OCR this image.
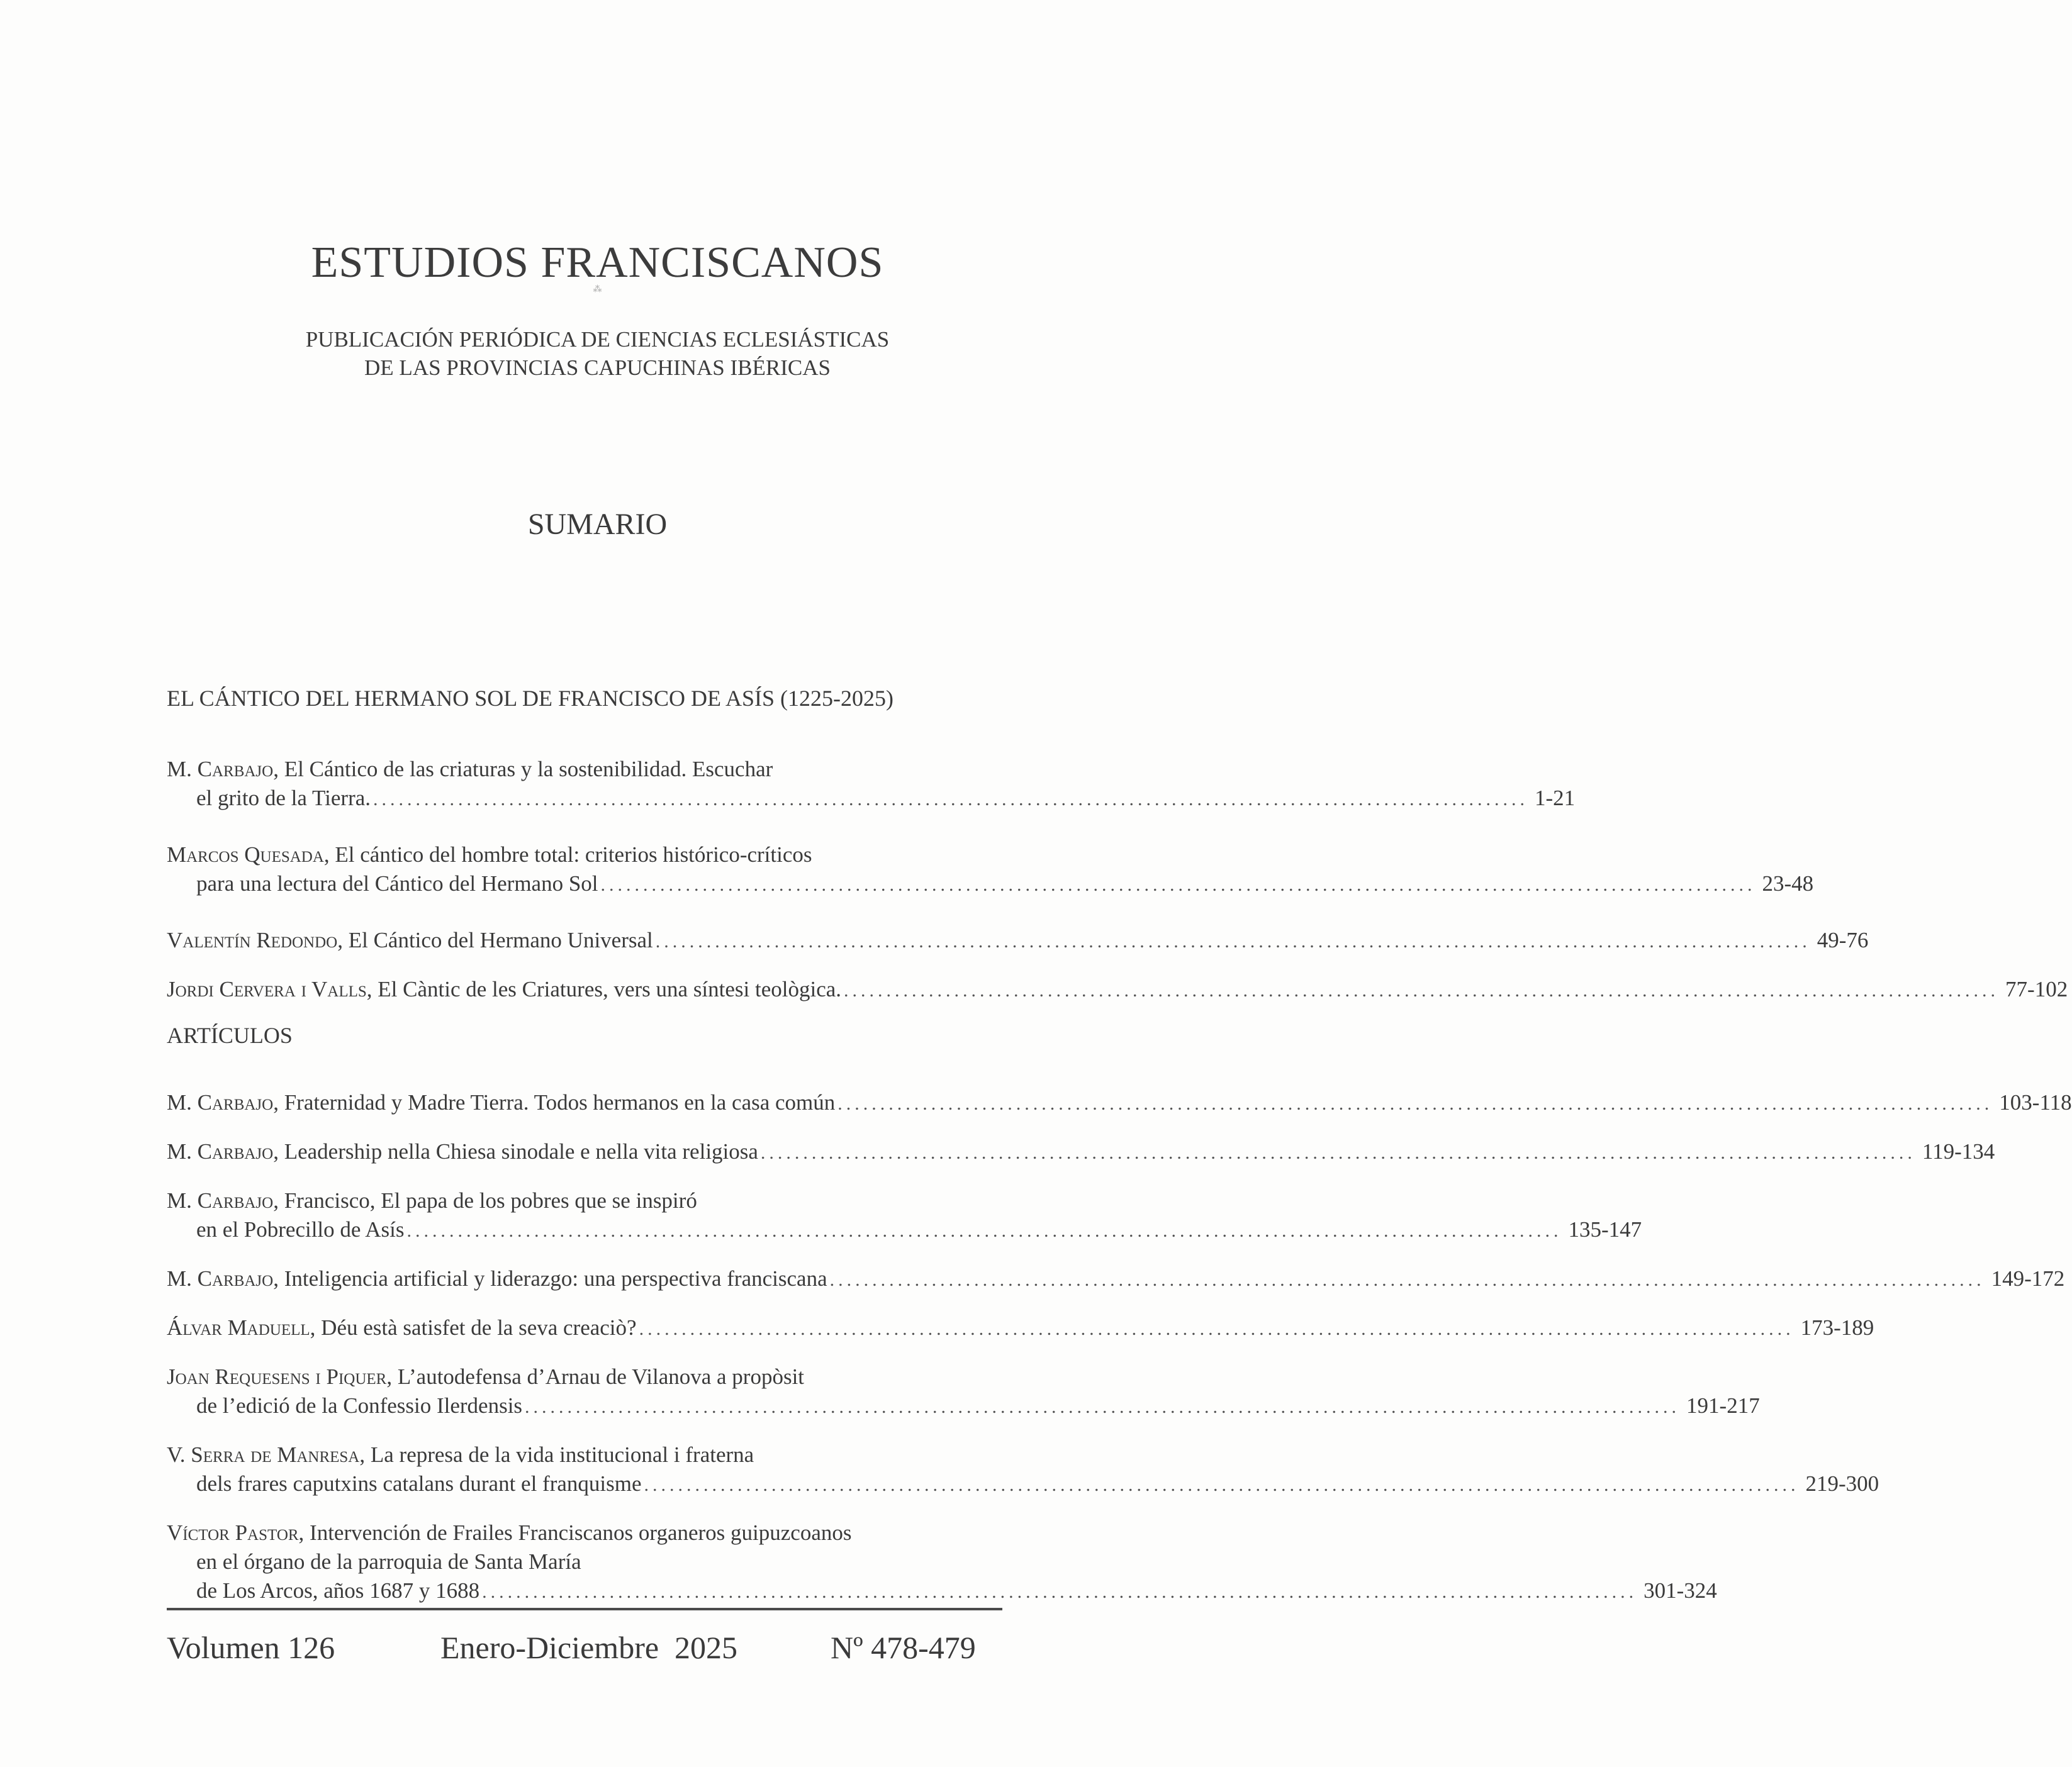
ESTUDIOS FRANCISCANOS
⁂
PUBLICACIÓN PERIÓDICA DE CIENCIAS ECLESIÁSTICAS
DE LAS PROVINCIAS CAPUCHINAS IBÉRICAS
SUMARIO
EL CÁNTICO DEL HERMANO SOL DE FRANCISCO DE ASÍS (1225-2025)
ARTÍCULOS
M. Carbajo , El Cántico de las criaturas y la sostenibilidad. Escuchar
el grito de la Tierra. ........................................................................................................................................ 1-21
Marcos Quesada , El cántico del hombre total: criterios histórico-críticos
para una lectura del Cántico del Hermano Sol ........................................................................................................................................ 23-48
Valentín Redondo , El Cántico del Hermano Universal ........................................................................................................................................ 49-76
Jordi Cervera i Valls , El Càntic de les Criatures, vers una síntesi teològica. ........................................................................................................................................ 77-102
M. Carbajo , Fraternidad y Madre Tierra. Todos hermanos en la casa común ........................................................................................................................................ 103-118
M. Carbajo , Leadership nella Chiesa sinodale e nella vita religiosa ........................................................................................................................................ 119-134
M. Carbajo , Francisco, El papa de los pobres que se inspiró
en el Pobrecillo de Asís ........................................................................................................................................ 135-147
M. Carbajo , Inteligencia artificial y liderazgo: una perspectiva franciscana ........................................................................................................................................ 149-172
Álvar Maduell , Déu està satisfet de la seva creaciò? ........................................................................................................................................ 173-189
Joan Requesens i Piquer , L’autodefensa d’Arnau de Vilanova a propòsit
de l’edició de la Confessio Ilerdensis ........................................................................................................................................ 191-217
V. Serra de Manresa , La represa de la vida institucional i fraterna
dels frares caputxins catalans durant el franquisme ........................................................................................................................................ 219-300
Víctor Pastor , Intervención de Frailes Franciscanos organeros guipuzcoanos
en el órgano de la parroquia de Santa María
de Los Arcos, años 1687 y 1688 ........................................................................................................................................ 301-324
Volumen 126	Enero-Diciembre  2025	Nº 478-479
